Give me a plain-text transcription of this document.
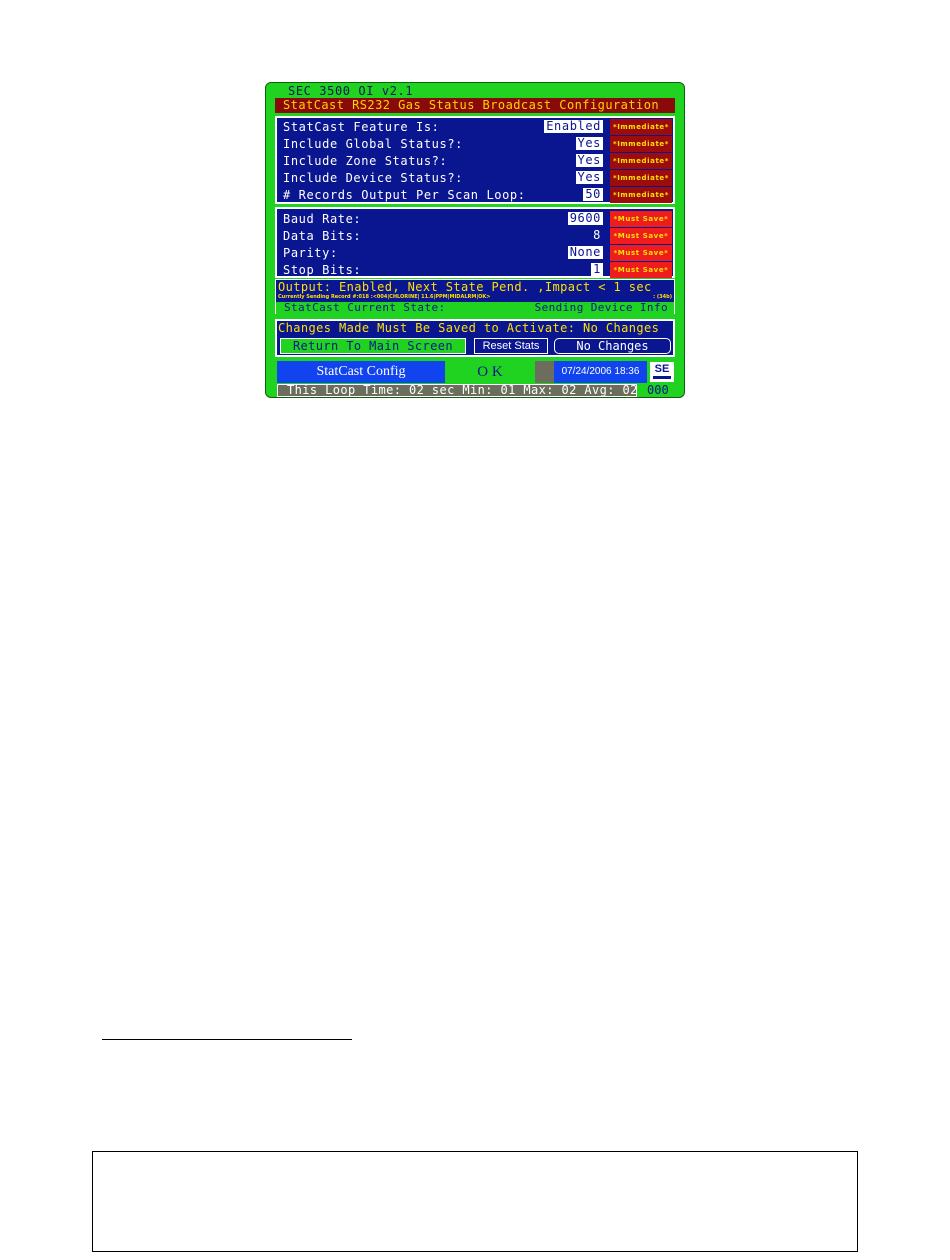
SEC 3500 OI v2.1
StatCast RS232 Gas Status Broadcast Configuration
StatCast Feature Is:	Enabled	*Immediate*
Include Global Status?:	Yes	*Immediate*
Include Zone Status?:	Yes	*Immediate*
Include Device Status?:	Yes	*Immediate*
# Records Output Per Scan Loop:	50	*Immediate*
Baud Rate:	9600	*Must Save*
Data Bits:	8	*Must Save*
Parity:	None	*Must Save*
Stop Bits:	1	*Must Save*
Output: Enabled, Next State Pend. ,Impact < 1 sec
Currently Sending Record #:018 :<004|CHLORINE| 11.6|PPM|MIDALRM|OK>	: (34b)
StatCast Current State:	Sending Device Info
Changes Made Must Be Saved to Activate: No Changes
Return To Main Screen	Reset Stats	No Changes
StatCast Config	O K	07/24/2006 18:36	SE
This Loop Time: 02 sec Min: 01 Max: 02 Avg: 02 000
